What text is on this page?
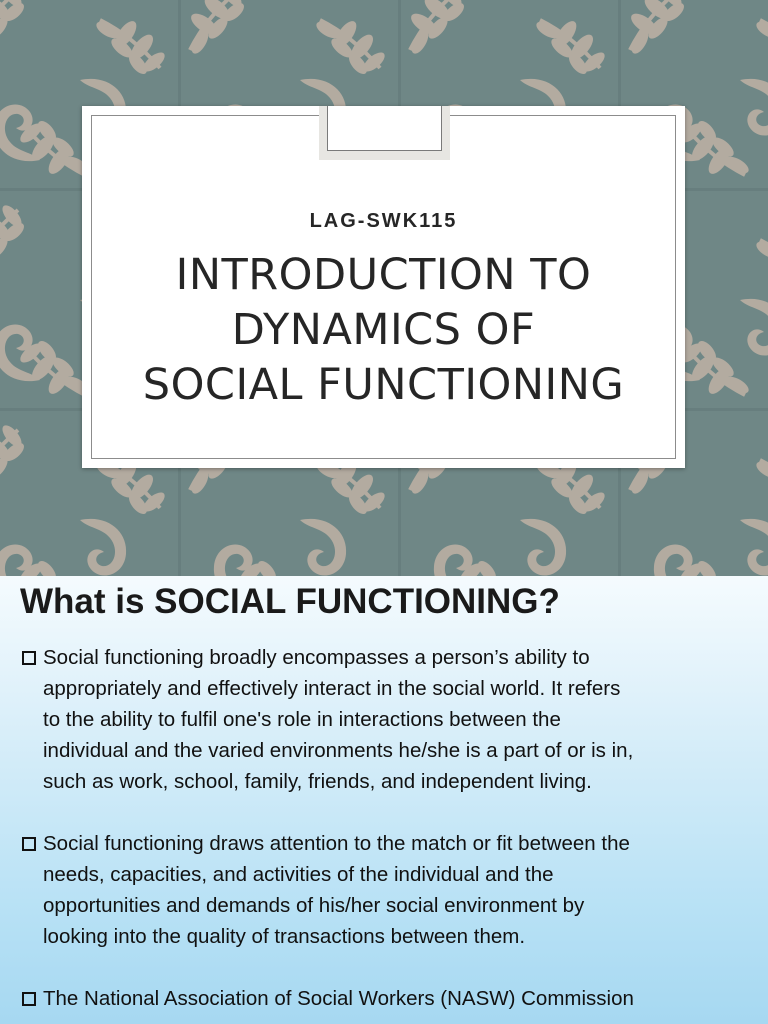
LAG-SWK115
INTRODUCTION TO
DYNAMICS OF
SOCIAL FUNCTIONING
What is SOCIAL FUNCTIONING?
Social functioning broadly encompasses a person’s ability to
appropriately and effectively interact in the social world. It refers
to the ability to fulfil one's role in interactions between the
individual and the varied environments he/she is a part of or is in,
such as work, school, family, friends, and independent living.
Social functioning draws attention to the match or fit between the
needs, capacities, and activities of the individual and the
opportunities and demands of his/her social environment by
looking into the quality of transactions between them.
The National Association of Social Workers (NASW) Commission
